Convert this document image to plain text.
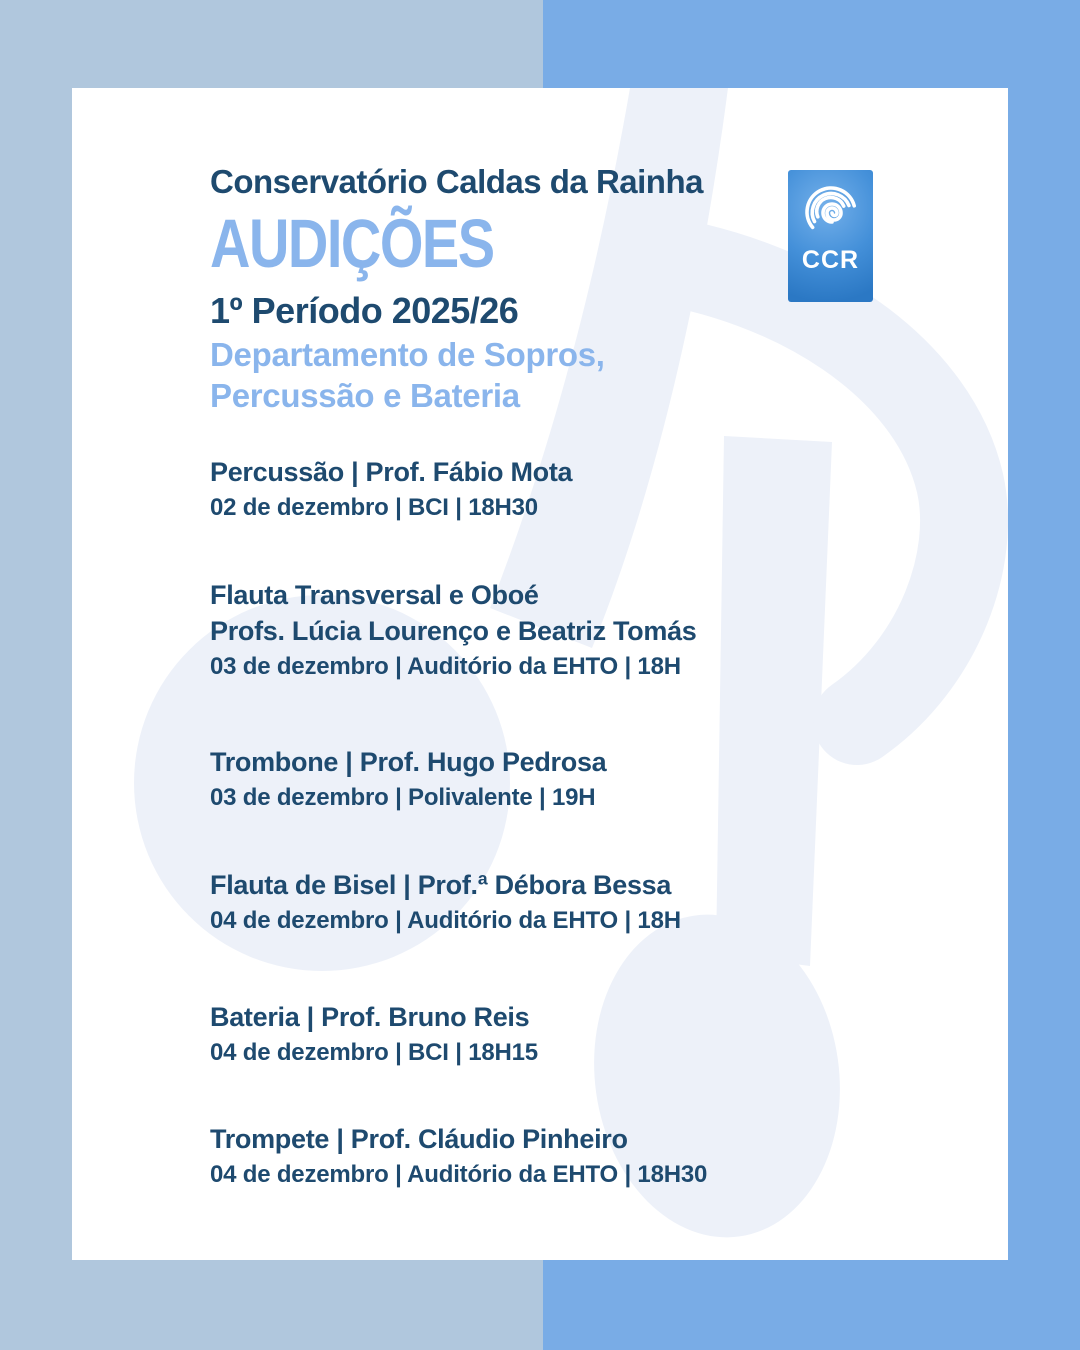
Conservatório Caldas da Rainha
AUDIÇÕES
1º Período 2025/26
Departamento de Sopros,
Percussão e Bateria
CCR
Percussão | Prof. Fábio Mota
02 de dezembro | BCI | 18H30
Flauta Transversal e Oboé
Profs. Lúcia Lourenço e Beatriz Tomás
03 de dezembro | Auditório da EHTO | 18H
Trombone | Prof. Hugo Pedrosa
03 de dezembro | Polivalente | 19H
Flauta de Bisel | Prof.ª Débora Bessa
04 de dezembro | Auditório da EHTO | 18H
Bateria | Prof. Bruno Reis
04 de dezembro | BCI | 18H15
Trompete | Prof. Cláudio Pinheiro
04 de dezembro | Auditório da EHTO | 18H30
